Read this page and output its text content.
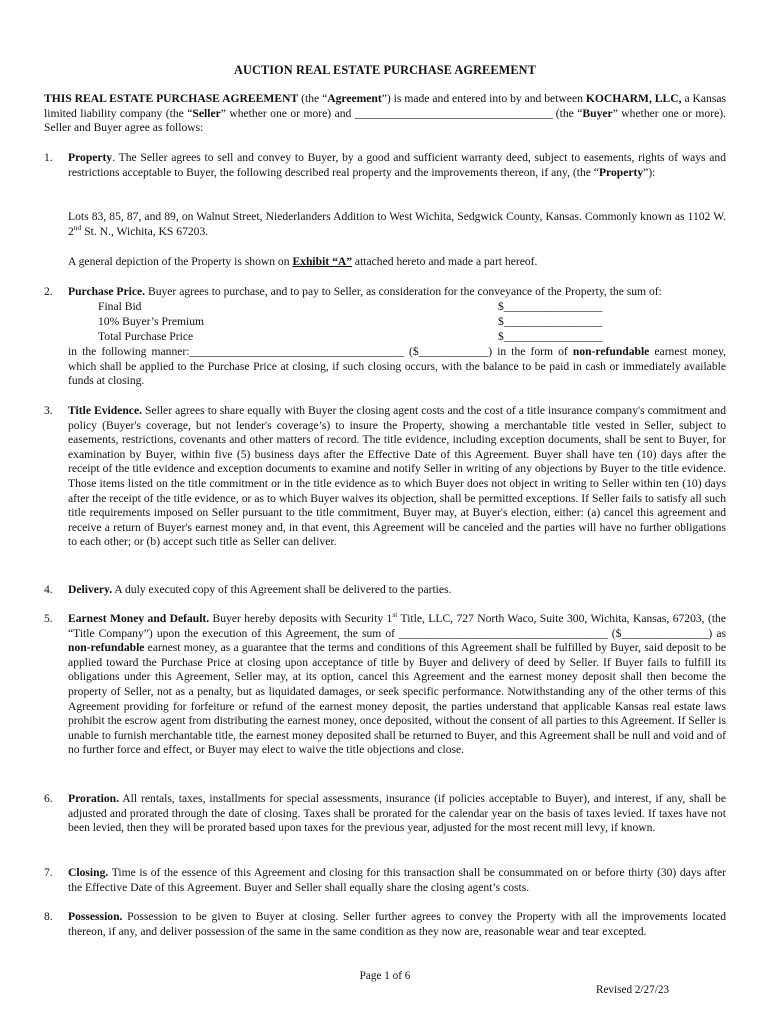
AUCTION REAL ESTATE PURCHASE AGREEMENT
THIS REAL ESTATE PURCHASE AGREEMENT (the “Agreement”) is made and entered into by and between KOCHARM, LLC, a Kansas limited liability company (the “Seller” whether one or more) and ______________________________________ (the “Buyer” whether one or more). Seller and Buyer agree as follows:
1. Property. The Seller agrees to sell and convey to Buyer, by a good and sufficient warranty deed, subject to easements, rights of ways and restrictions acceptable to Buyer, the following described real property and the improvements thereon, if any, (the “Property”):
Lots 83, 85, 87, and 89, on Walnut Street, Niederlanders Addition to West Wichita, Sedgwick County, Kansas. Commonly known as 1102 W. 2nd St. N., Wichita, KS 67203.
A general depiction of the Property is shown on Exhibit “A” attached hereto and made a part hereof.
2. Purchase Price. Buyer agrees to purchase, and to pay to Seller, as consideration for the conveyance of the Property, the sum of:
Final Bid	$_________________
10% Buyer’s Premium	$_________________
Total Purchase Price	$_________________
in the following manner:_____________________________________ ($____________) in the form of non-refundable earnest money, which shall be applied to the Purchase Price at closing, if such closing occurs, with the balance to be paid in cash or immediately available funds at closing.
3. Title Evidence. Seller agrees to share equally with Buyer the closing agent costs and the cost of a title insurance company's commitment and policy (Buyer's coverage, but not lender's coverage’s) to insure the Property, showing a merchantable title vested in Seller, subject to easements, restrictions, covenants and other matters of record. The title evidence, including exception documents, shall be sent to Buyer, for examination by Buyer, within five (5) business days after the Effective Date of this Agreement. Buyer shall have ten (10) days after the receipt of the title evidence and exception documents to examine and notify Seller in writing of any objections by Buyer to the title evidence. Those items listed on the title commitment or in the title evidence as to which Buyer does not object in writing to Seller within ten (10) days after the receipt of the title evidence, or as to which Buyer waives its objection, shall be permitted exceptions. If Seller fails to satisfy all such title requirements imposed on Seller pursuant to the title commitment, Buyer may, at Buyer's election, either: (a) cancel this agreement and receive a return of Buyer's earnest money and, in that event, this Agreement will be canceled and the parties will have no further obligations to each other; or (b) accept such title as Seller can deliver.
4. Delivery. A duly executed copy of this Agreement shall be delivered to the parties.
5. Earnest Money and Default. Buyer hereby deposits with Security 1st Title, LLC, 727 North Waco, Suite 300, Wichita, Kansas, 67203, (the “Title Company”) upon the execution of this Agreement, the sum of ____________________________________ ($_______________) as non-refundable earnest money, as a guarantee that the terms and conditions of this Agreement shall be fulfilled by Buyer, said deposit to be applied toward the Purchase Price at closing upon acceptance of title by Buyer and delivery of deed by Seller. If Buyer fails to fulfill its obligations under this Agreement, Seller may, at its option, cancel this Agreement and the earnest money deposit shall then become the property of Seller, not as a penalty, but as liquidated damages, or seek specific performance. Notwithstanding any of the other terms of this Agreement providing for forfeiture or refund of the earnest money deposit, the parties understand that applicable Kansas real estate laws prohibit the escrow agent from distributing the earnest money, once deposited, without the consent of all parties to this Agreement. If Seller is unable to furnish merchantable title, the earnest money deposited shall be returned to Buyer, and this Agreement shall be null and void and of no further force and effect, or Buyer may elect to waive the title objections and close.
6. Proration. All rentals, taxes, installments for special assessments, insurance (if policies acceptable to Buyer), and interest, if any, shall be adjusted and prorated through the date of closing. Taxes shall be prorated for the calendar year on the basis of taxes levied. If taxes have not been levied, then they will be prorated based upon taxes for the previous year, adjusted for the most recent mill levy, if known.
7. Closing. Time is of the essence of this Agreement and closing for this transaction shall be consummated on or before thirty (30) days after the Effective Date of this Agreement. Buyer and Seller shall equally share the closing agent’s costs.
8. Possession. Possession to be given to Buyer at closing. Seller further agrees to convey the Property with all the improvements located thereon, if any, and deliver possession of the same in the same condition as they now are, reasonable wear and tear excepted.
Page 1 of 6
Revised 2/27/23
